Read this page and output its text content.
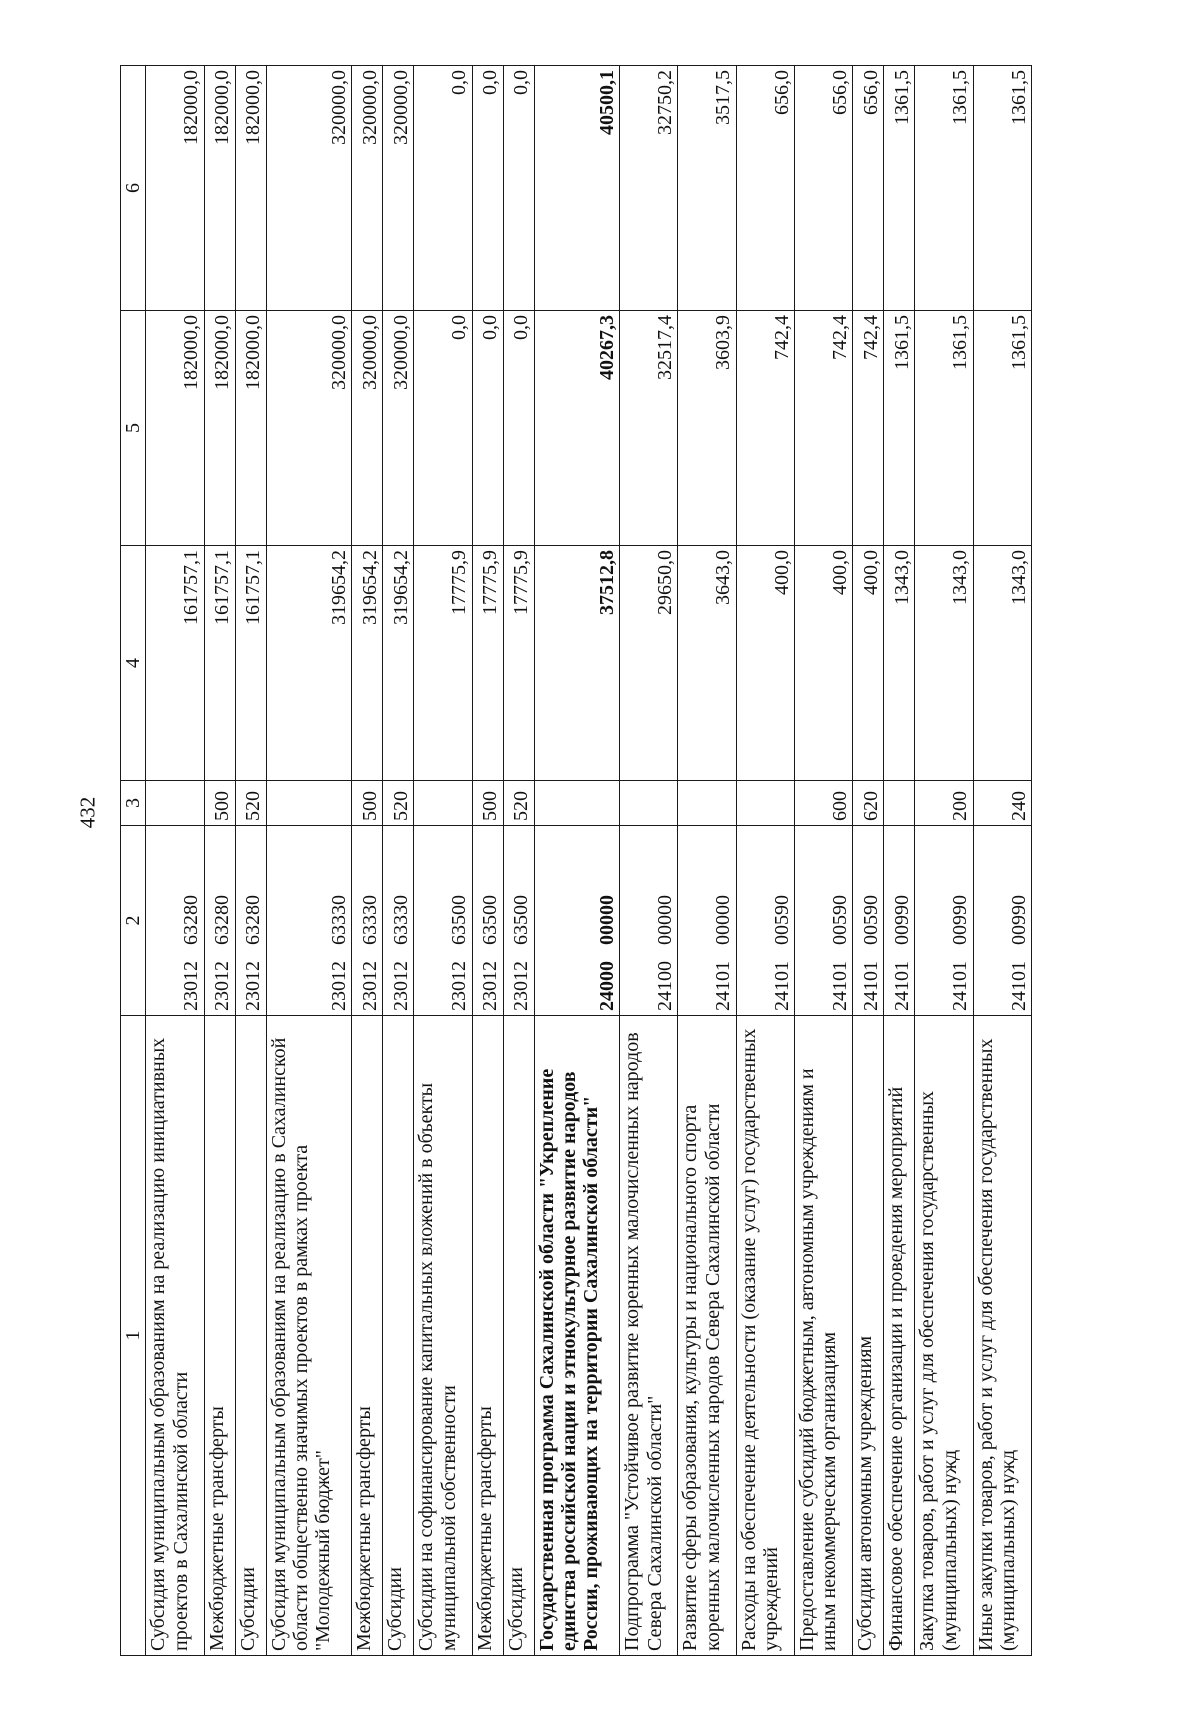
432
1	2	3	4	5	6
Субсидия муниципальным образованиям на реализацию инициативных проектов в Сахалинской области	2301263280		161757,1	182000,0	182000,0
Межбюджетные трансферты	2301263280	500	161757,1	182000,0	182000,0
Субсидии	2301263280	520	161757,1	182000,0	182000,0
Субсидия муниципальным образованиям на реализацию в Сахалинской области общественно значимых проектов в рамках проекта "Молодежный бюджет"	2301263330		319654,2	320000,0	320000,0
Межбюджетные трансферты	2301263330	500	319654,2	320000,0	320000,0
Субсидии	2301263330	520	319654,2	320000,0	320000,0
Субсидии на софинансирование капитальных вложений в объекты муниципальной собственности	2301263500		17775,9	0,0	0,0
Межбюджетные трансферты	2301263500	500	17775,9	0,0	0,0
Субсидии	2301263500	520	17775,9	0,0	0,0
Государственная программа Сахалинской области "Укрепление единства российской нации и этнокультурное развитие народов России, проживающих на территории Сахалинской области"	2400000000		37512,8	40267,3	40500,1
Подпрограмма "Устойчивое развитие коренных малочисленных народов Севера Сахалинской области"	2410000000		29650,0	32517,4	32750,2
Развитие сферы образования, культуры и национального спорта коренных малочисленных народов Севера Сахалинской области	2410100000		3643,0	3603,9	3517,5
Расходы на обеспечение деятельности (оказание услуг) государственных учреждений	2410100590		400,0	742,4	656,0
Предоставление субсидий бюджетным, автономным учреждениям и иным некоммерческим организациям	2410100590	600	400,0	742,4	656,0
Субсидии автономным учреждениям	2410100590	620	400,0	742,4	656,0
Финансовое обеспечение организации и проведения мероприятий	2410100990		1343,0	1361,5	1361,5
Закупка товаров, работ и услуг для обеспечения государственных (муниципальных) нужд	2410100990	200	1343,0	1361,5	1361,5
Иные закупки товаров, работ и услуг для обеспечения государственных (муниципальных) нужд	2410100990	240	1343,0	1361,5	1361,5
